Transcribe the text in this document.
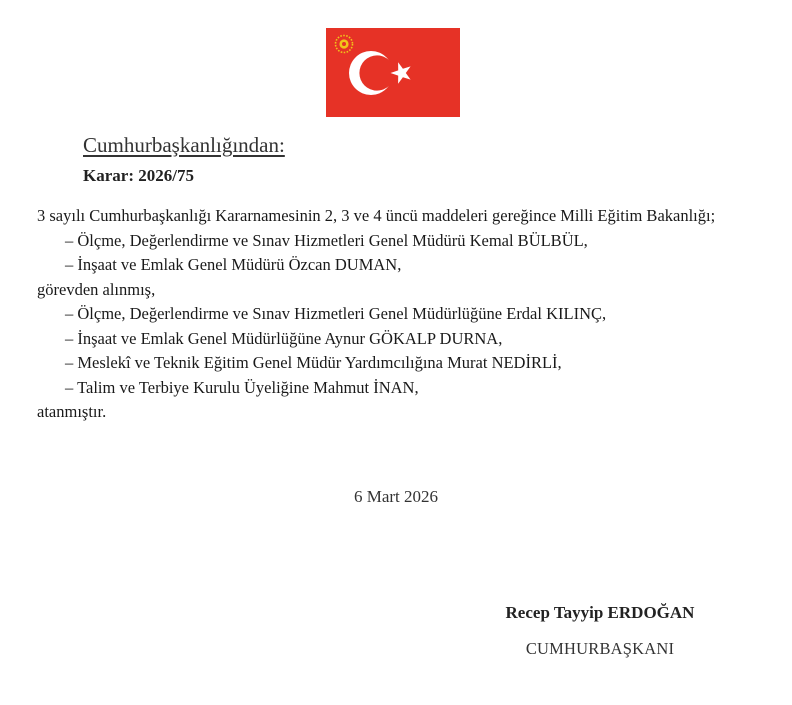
Cumhurbaşkanlığından:
Karar: 2026/75

3 sayılı Cumhurbaşkanlığı Kararnamesinin 2, 3 ve 4 üncü maddeleri gereğince Milli Eğitim Bakanlığı;

– Ölçme, Değerlendirme ve Sınav Hizmetleri Genel Müdürü Kemal BÜLBÜL,

– İnşaat ve Emlak Genel Müdürü Özcan DUMAN,

görevden alınmış,

– Ölçme, Değerlendirme ve Sınav Hizmetleri Genel Müdürlüğüne Erdal KILINÇ,

– İnşaat ve Emlak Genel Müdürlüğüne Aynur GÖKALP DURNA,

– Meslekî ve Teknik Eğitim Genel Müdür Yardımcılığına Murat NEDİRLİ,

– Talim ve Terbiye Kurulu Üyeliğine Mahmut İNAN,

atanmıştır.

6 Mart 2026
Recep Tayyip ERDOĞAN
CUMHURBAŞKANI
